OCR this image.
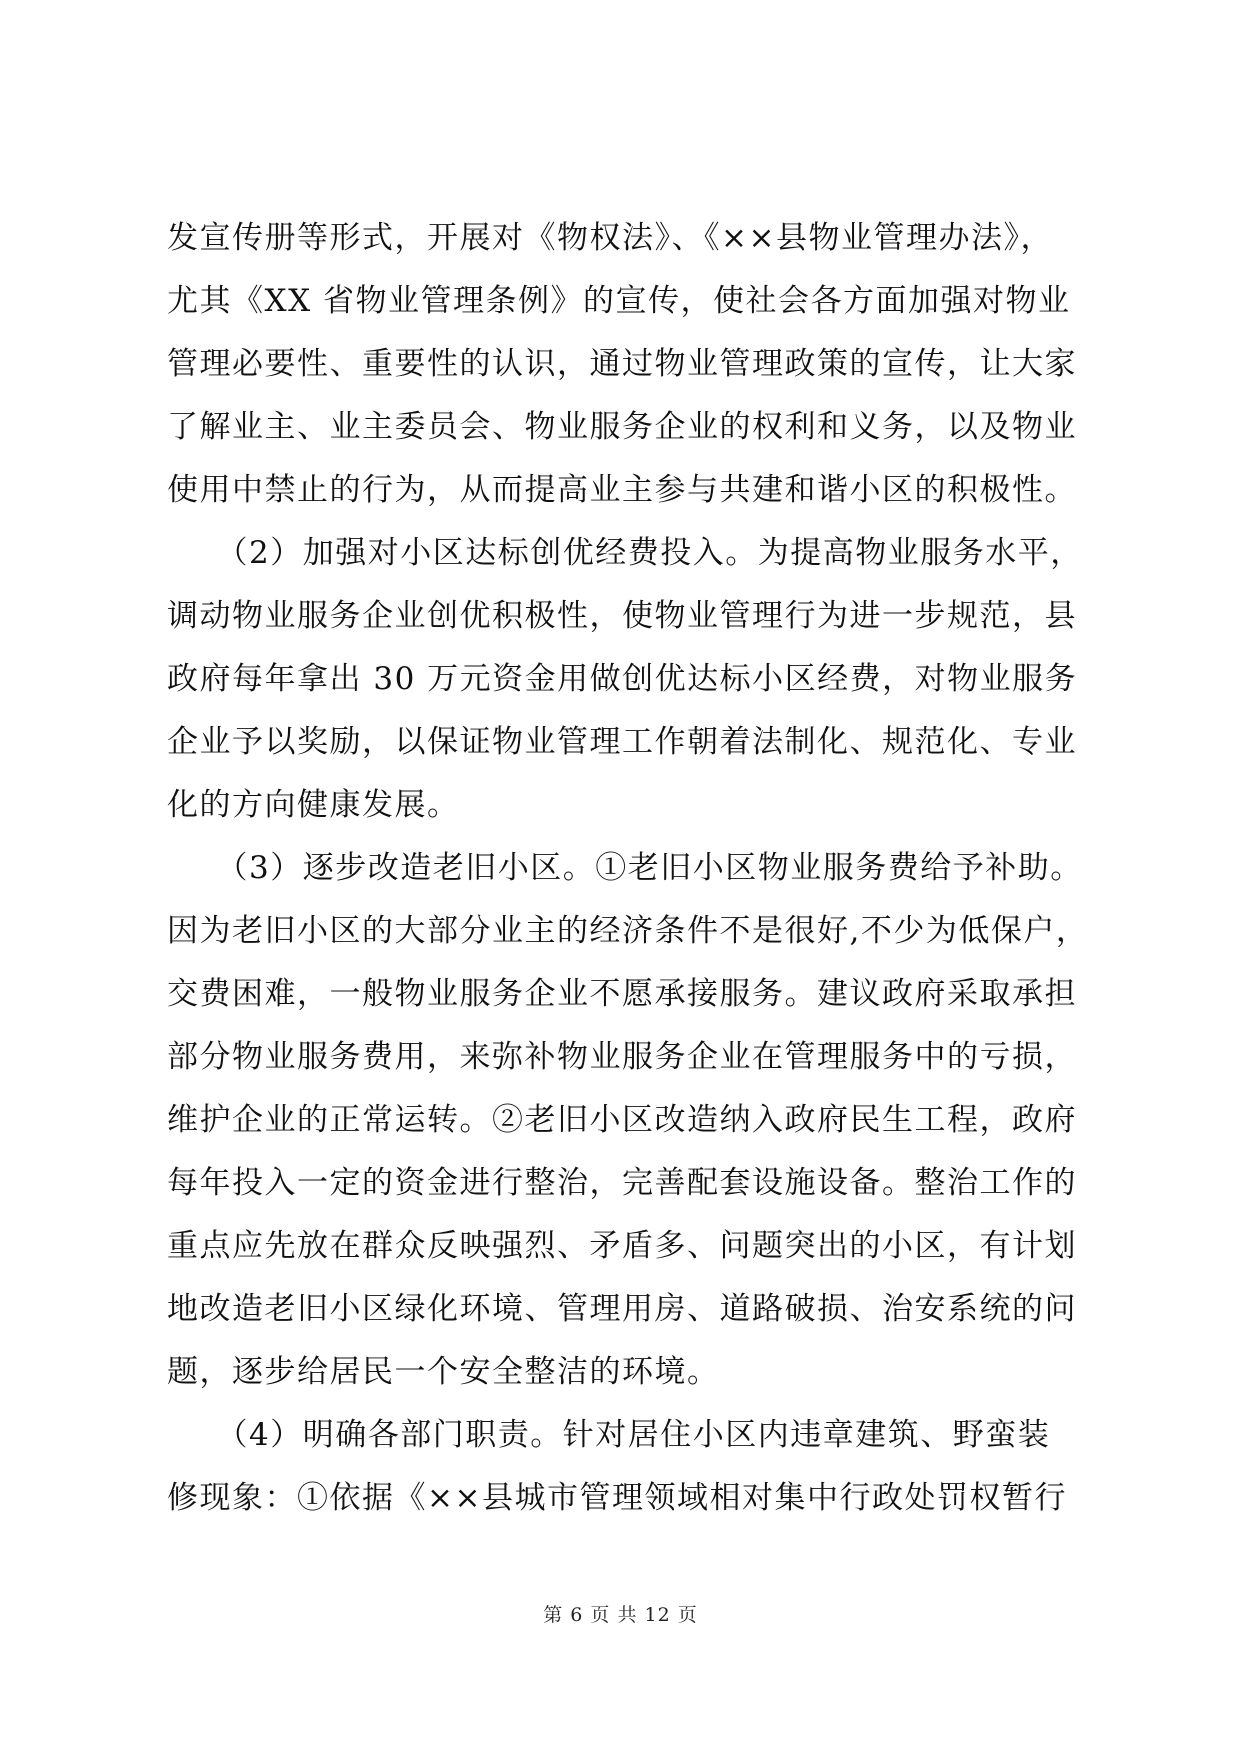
发宣传册等形式，开展对《物权法》、《××县物业管理办法》，
尤其《XX 省物业管理条例》的宣传，使社会各方面加强对物业
管理必要性、重要性的认识，通过物业管理政策的宣传，让大家
了解业主、业主委员会、物业服务企业的权利和义务，以及物业
使用中禁止的行为，从而提高业主参与共建和谐小区的积极性。
　　（2）加强对小区达标创优经费投入。为提高物业服务水平，
调动物业服务企业创优积极性，使物业管理行为进一步规范，县
政府每年拿出 30 万元资金用做创优达标小区经费，对物业服务
企业予以奖励，以保证物业管理工作朝着法制化、规范化、专业
化的方向健康发展。
　　（3）逐步改造老旧小区。①老旧小区物业服务费给予补助。
因为老旧小区的大部分业主的经济条件不是很好,不少为低保户，
交费困难，一般物业服务企业不愿承接服务。建议政府采取承担
部分物业服务费用，来弥补物业服务企业在管理服务中的亏损，
维护企业的正常运转。②老旧小区改造纳入政府民生工程，政府
每年投入一定的资金进行整治，完善配套设施设备。整治工作的
重点应先放在群众反映强烈、矛盾多、问题突出的小区，有计划
地改造老旧小区绿化环境、管理用房、道路破损、治安系统的问
题，逐步给居民一个安全整洁的环境。
　　（4）明确各部门职责。针对居住小区内违章建筑、野蛮装
修现象：①依据《××县城市管理领域相对集中行政处罚权暂行
第 6 页 共 12 页
